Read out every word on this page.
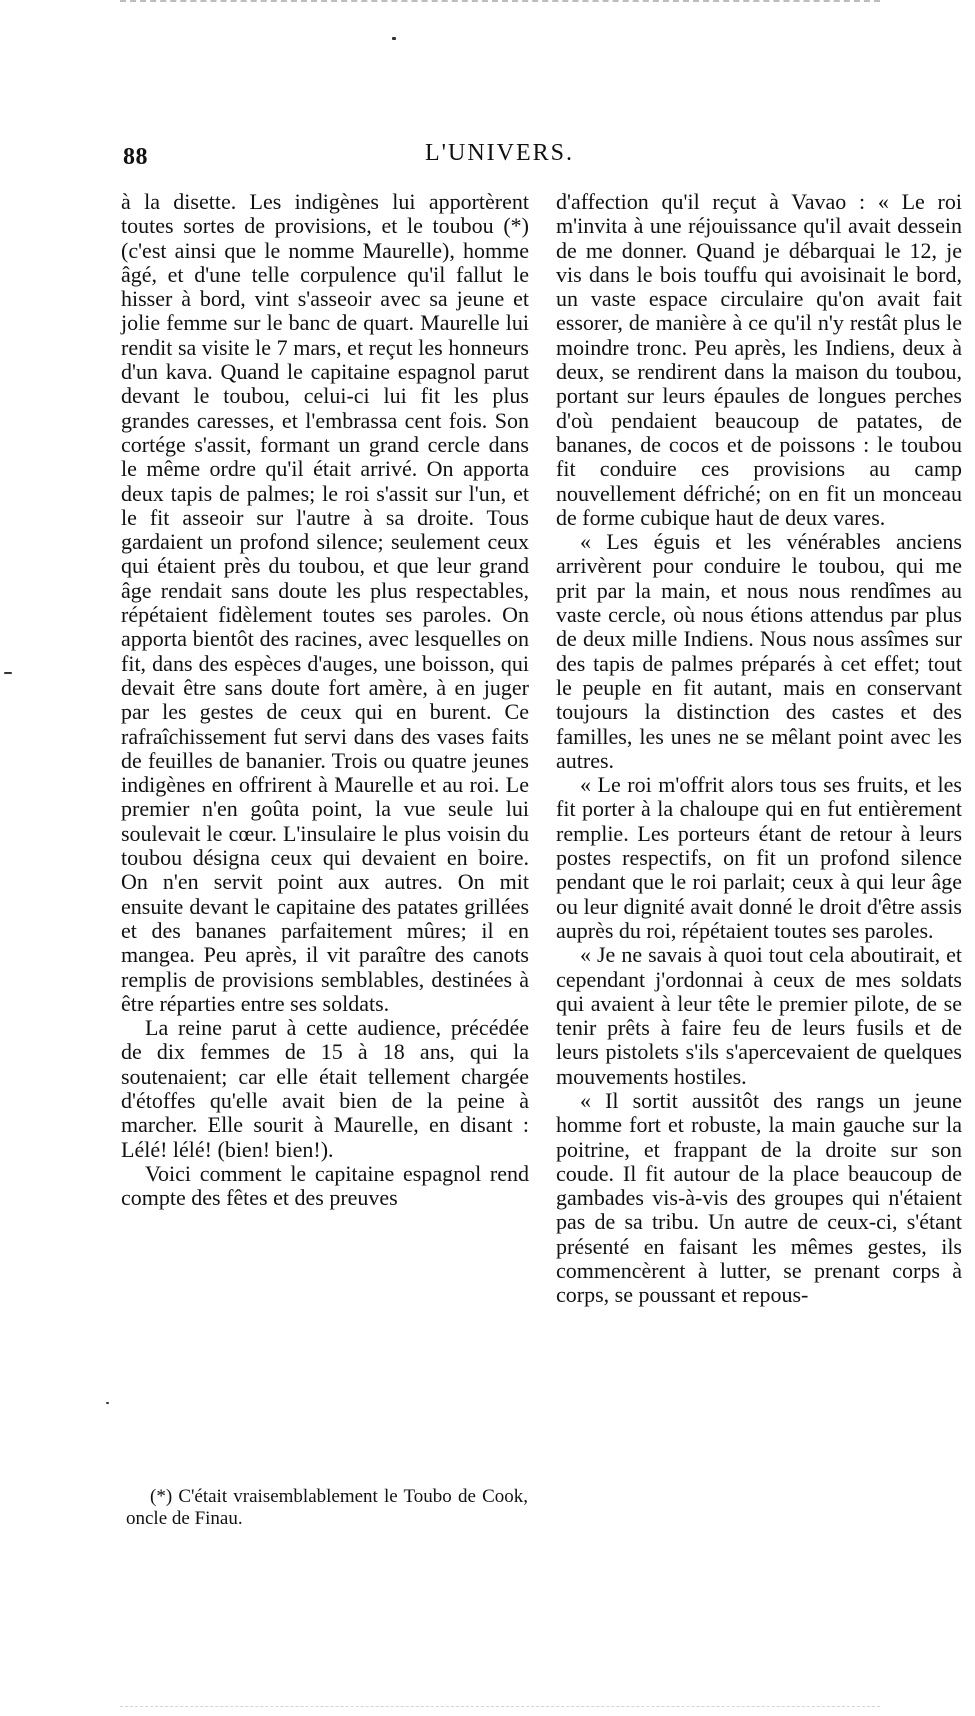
88	L'UNIVERS.

à la disette. Les indigènes lui apportèrent toutes sortes de provisions, et le toubou (*) (c'est ainsi que le nomme Maurelle), homme âgé, et d'une telle corpulence qu'il fallut le hisser à bord, vint s'asseoir avec sa jeune et jolie femme sur le banc de quart. Maurelle lui rendit sa visite le 7 mars, et reçut les honneurs d'un kava. Quand le capitaine espagnol parut devant le toubou, celui-ci lui fit les plus grandes caresses, et l'embrassa cent fois. Son cortége s'assit, formant un grand cercle dans le même ordre qu'il était arrivé. On apporta deux tapis de palmes; le roi s'assit sur l'un, et le fit asseoir sur l'autre à sa droite. Tous gardaient un profond silence; seulement ceux qui étaient près du toubou, et que leur grand âge rendait sans doute les plus respectables, répétaient fidèlement toutes ses paroles. On apporta bientôt des racines, avec lesquelles on fit, dans des espèces d'auges, une boisson, qui devait être sans doute fort amère, à en juger par les gestes de ceux qui en burent. Ce rafraîchissement fut servi dans des vases faits de feuilles de bananier. Trois ou quatre jeunes indigènes en offrirent à Maurelle et au roi. Le premier n'en goûta point, la vue seule lui soulevait le cœur. L'insulaire le plus voisin du toubou désigna ceux qui devaient en boire. On n'en servit point aux autres. On mit ensuite devant le capitaine des patates grillées et des bananes parfaitement mûres; il en mangea. Peu après, il vit paraître des canots remplis de provisions semblables, destinées à être réparties entre ses soldats.

La reine parut à cette audience, précédée de dix femmes de 15 à 18 ans, qui la soutenaient; car elle était tellement chargée d'étoffes qu'elle avait bien de la peine à marcher. Elle sourit à Maurelle, en disant : Lélé! lélé! (bien! bien!).

Voici comment le capitaine espagnol rend compte des fêtes et des preuves

(*) C'était vraisemblablement le Toubo de Cook, oncle de Finau.

d'affection qu'il reçut à Vavao : « Le roi m'invita à une réjouissance qu'il avait dessein de me donner. Quand je débarquai le 12, je vis dans le bois touffu qui avoisinait le bord, un vaste espace circulaire qu'on avait fait essorer, de manière à ce qu'il n'y restât plus le moindre tronc. Peu après, les Indiens, deux à deux, se rendirent dans la maison du toubou, portant sur leurs épaules de longues perches d'où pendaient beaucoup de patates, de bananes, de cocos et de poissons : le toubou fit conduire ces provisions au camp nouvellement défriché; on en fit un monceau de forme cubique haut de deux vares.

« Les éguis et les vénérables anciens arrivèrent pour conduire le toubou, qui me prit par la main, et nous nous rendîmes au vaste cercle, où nous étions attendus par plus de deux mille Indiens. Nous nous assîmes sur des tapis de palmes préparés à cet effet; tout le peuple en fit autant, mais en conservant toujours la distinction des castes et des familles, les unes ne se mêlant point avec les autres.

« Le roi m'offrit alors tous ses fruits, et les fit porter à la chaloupe qui en fut entièrement remplie. Les porteurs étant de retour à leurs postes respectifs, on fit un profond silence pendant que le roi parlait; ceux à qui leur âge ou leur dignité avait donné le droit d'être assis auprès du roi, répétaient toutes ses paroles.

« Je ne savais à quoi tout cela aboutirait, et cependant j'ordonnai à ceux de mes soldats qui avaient à leur tête le premier pilote, de se tenir prêts à faire feu de leurs fusils et de leurs pistolets s'ils s'apercevaient de quelques mouvements hostiles.

« Il sortit aussitôt des rangs un jeune homme fort et robuste, la main gauche sur la poitrine, et frappant de la droite sur son coude. Il fit autour de la place beaucoup de gambades vis-à-vis des groupes qui n'étaient pas de sa tribu. Un autre de ceux-ci, s'étant présenté en faisant les mêmes gestes, ils commencèrent à lutter, se prenant corps à corps, se poussant et repous-
